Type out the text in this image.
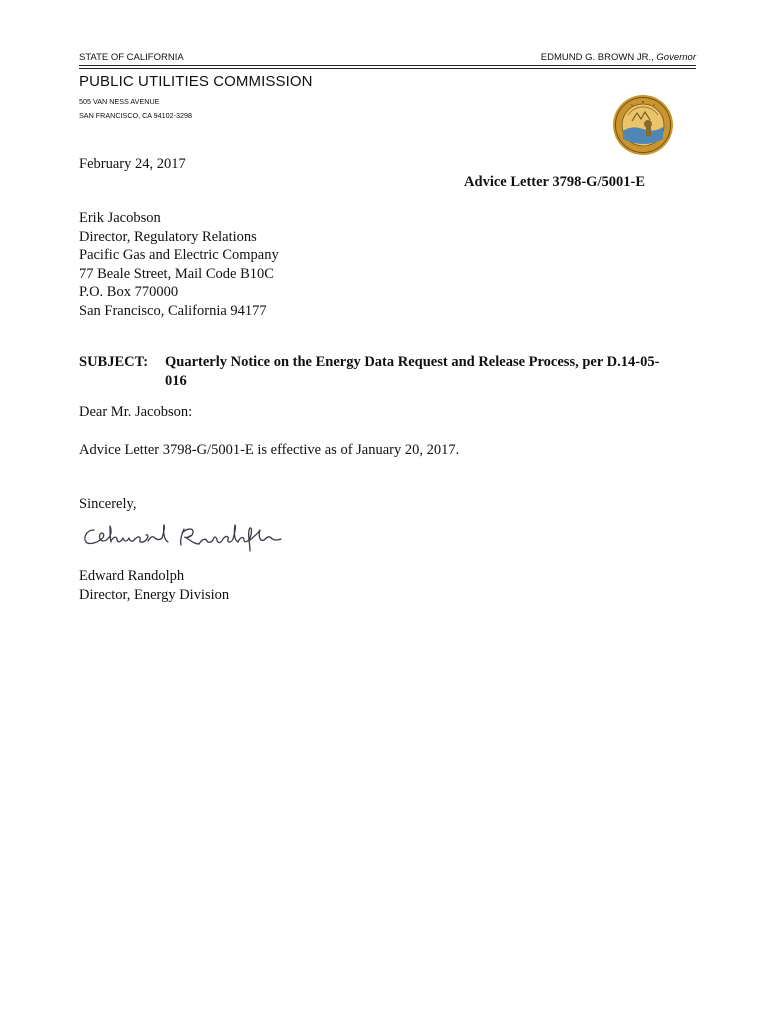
STATE OF CALIFORNIA	EDMUND G. BROWN JR., Governor
PUBLIC UTILITIES COMMISSION
505 VAN NESS AVENUE
SAN FRANCISCO, CA 94102-3298
February 24, 2017
Advice Letter 3798-G/5001-E
Erik Jacobson
Director, Regulatory Relations
Pacific Gas and Electric Company
77 Beale Street, Mail Code B10C
P.O. Box 770000
San Francisco, California 94177
SUBJECT: Quarterly Notice on the Energy Data Request and Release Process, per D.14-05-016
Dear Mr. Jacobson:
Advice Letter 3798-G/5001-E is effective as of January 20, 2017.
Sincerely,
Edward Randolph
Director, Energy Division
